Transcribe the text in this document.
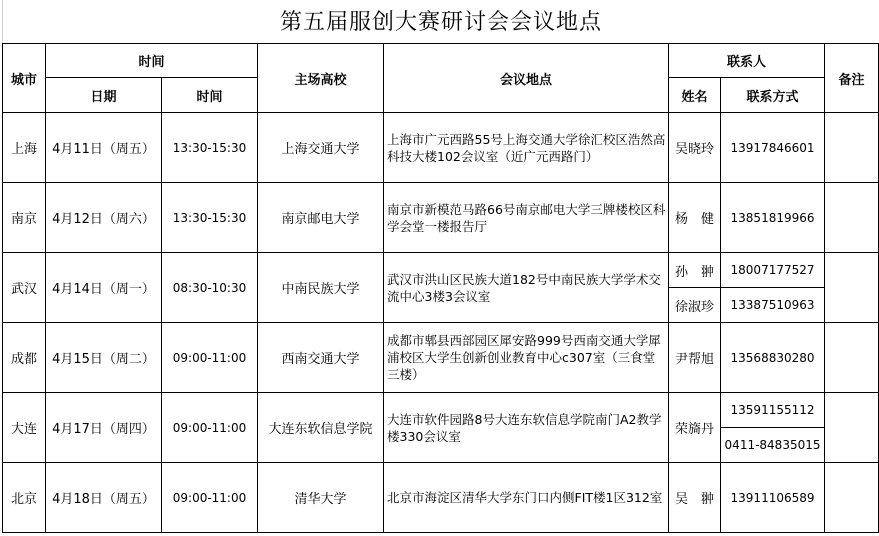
第五届服创大赛研讨会会议地点
城市	时间		主场高校	会议地点	联系人		备注
	日期	时间			姓名	联系方式	
上海	4月11日（周五）	13:30-15:30	上海交通大学	上海市广元西路55号上海交通大学徐汇校区浩然高科技大楼102会议室（近广元西路门）	吴晓玲	13917846601	
南京	4月12日（周六）	13:30-15:30	南京邮电大学	南京市新模范马路66号南京邮电大学三牌楼校区科学会堂一楼报告厅	杨　健	13851819966	
武汉	4月14日（周一）	08:30-10:30	中南民族大学	武汉市洪山区民族大道182号中南民族大学学术交流中心3楼3会议室	孙　翀	18007177527	
					徐淑珍	13387510963	
成都	4月15日（周二）	09:00-11:00	西南交通大学	成都市郫县西部园区犀安路999号西南交通大学犀浦校区大学生创新创业教育中心c307室（三食堂三楼）	尹帮旭	13568830280	
大连	4月17日（周四）	09:00-11:00	大连东软信息学院	大连市软件园路8号大连东软信息学院南门A2教学楼330会议室	荣旖丹	13591155112	
						0411-84835015	
北京	4月18日（周五）	09:00-11:00	清华大学	北京市海淀区清华大学东门口内侧FIT楼1区312室	吴　翀	13911106589	
